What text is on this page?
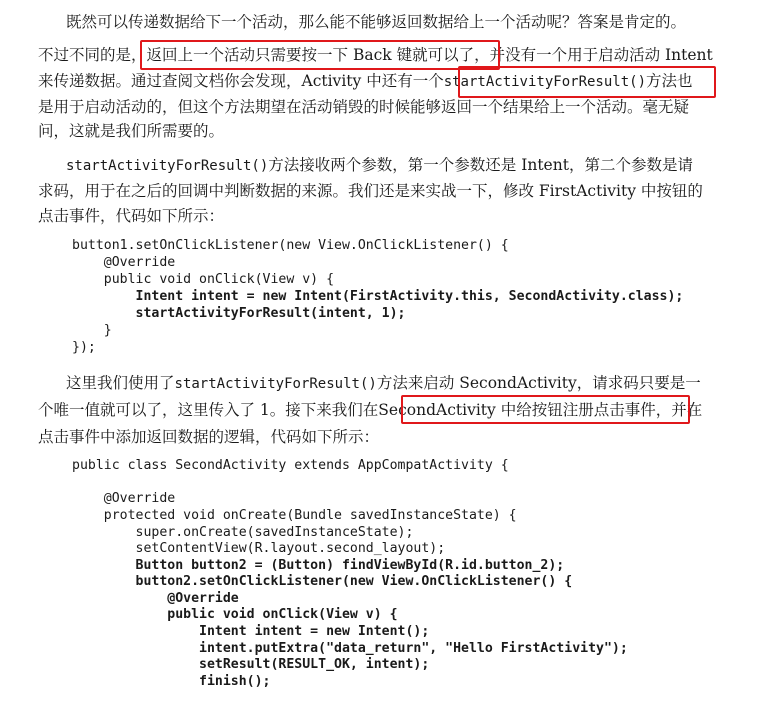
既然可以传递数据给下一个活动，那么能不能够返回数据给上一个活动呢？答案是肯定的。
不过不同的是，返回上一个活动只需要按一下 Back 键就可以了，并没有一个用于启动活动 Intent
来传递数据。通过查阅文档你会发现，Activity 中还有一个startActivityForResult()方法也
是用于启动活动的，但这个方法期望在活动销毁的时候能够返回一个结果给上一个活动。毫无疑
问，这就是我们所需要的。
startActivityForResult()方法接收两个参数，第一个参数还是 Intent，第二个参数是请
求码，用于在之后的回调中判断数据的来源。我们还是来实战一下，修改 FirstActivity 中按钮的
点击事件，代码如下所示：
button1.setOnClickListener(new View.OnClickListener() {
@Override
public void onClick(View v) {
Intent intent = new Intent(FirstActivity.this, SecondActivity.class);
startActivityForResult(intent, 1);
}
});
这里我们使用了startActivityForResult()方法来启动 SecondActivity，请求码只要是一
个唯一值就可以了，这里传入了 1。接下来我们在SecondActivity 中给按钮注册点击事件，并在
点击事件中添加返回数据的逻辑，代码如下所示：
public class SecondActivity extends AppCompatActivity {
@Override
protected void onCreate(Bundle savedInstanceState) {
super.onCreate(savedInstanceState);
setContentView(R.layout.second_layout);
Button button2 = (Button) findViewById(R.id.button_2);
button2.setOnClickListener(new View.OnClickListener() {
@Override
public void onClick(View v) {
Intent intent = new Intent();
intent.putExtra("data_return", "Hello FirstActivity");
setResult(RESULT_OK, intent);
finish();
